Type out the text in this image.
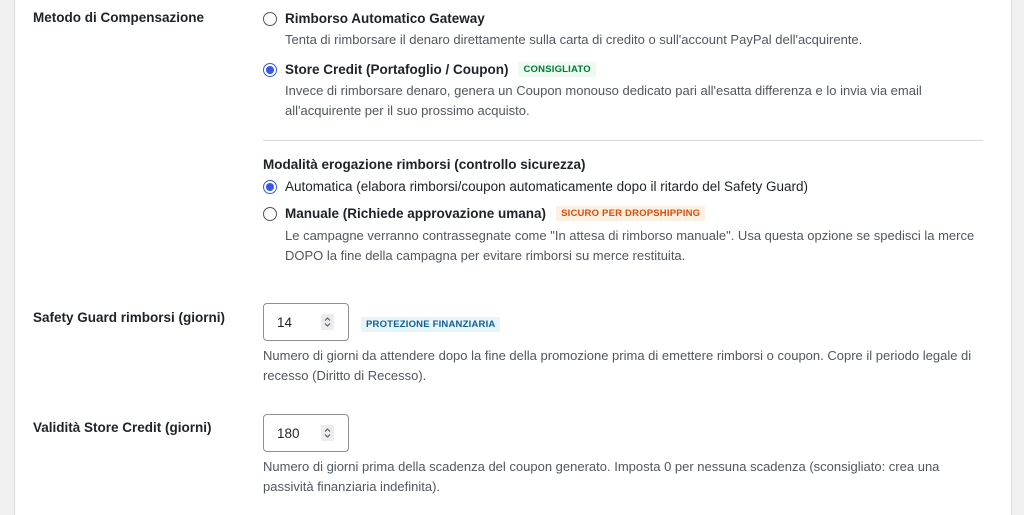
Metodo di Compensazione	Rimborso Automatico Gateway
Tenta di rimborsare il denaro direttamente sulla carta di credito o sull'account PayPal dell'acquirente.
Store Credit (Portafoglio / Coupon)	CONSIGLIATO
Invece di rimborsare denaro, genera un Coupon monouso dedicato pari all'esatta differenza e lo invia via email all'acquirente per il suo prossimo acquisto.
Modalità erogazione rimborsi (controllo sicurezza)
Automatica (elabora rimborsi/coupon automaticamente dopo il ritardo del Safety Guard)
Manuale (Richiede approvazione umana)	SICURO PER DROPSHIPPING
Le campagne verranno contrassegnate come "In attesa di rimborso manuale". Usa questa opzione se spedisci la merce DOPO la fine della campagna per evitare rimborsi su merce restituita.
Safety Guard rimborsi (giorni)	14	PROTEZIONE FINANZIARIA
Numero di giorni da attendere dopo la fine della promozione prima di emettere rimborsi o coupon. Copre il periodo legale di recesso (Diritto di Recesso).
Validità Store Credit (giorni)	180
Numero di giorni prima della scadenza del coupon generato. Imposta 0 per nessuna scadenza (sconsigliato: crea una passività finanziaria indefinita).
